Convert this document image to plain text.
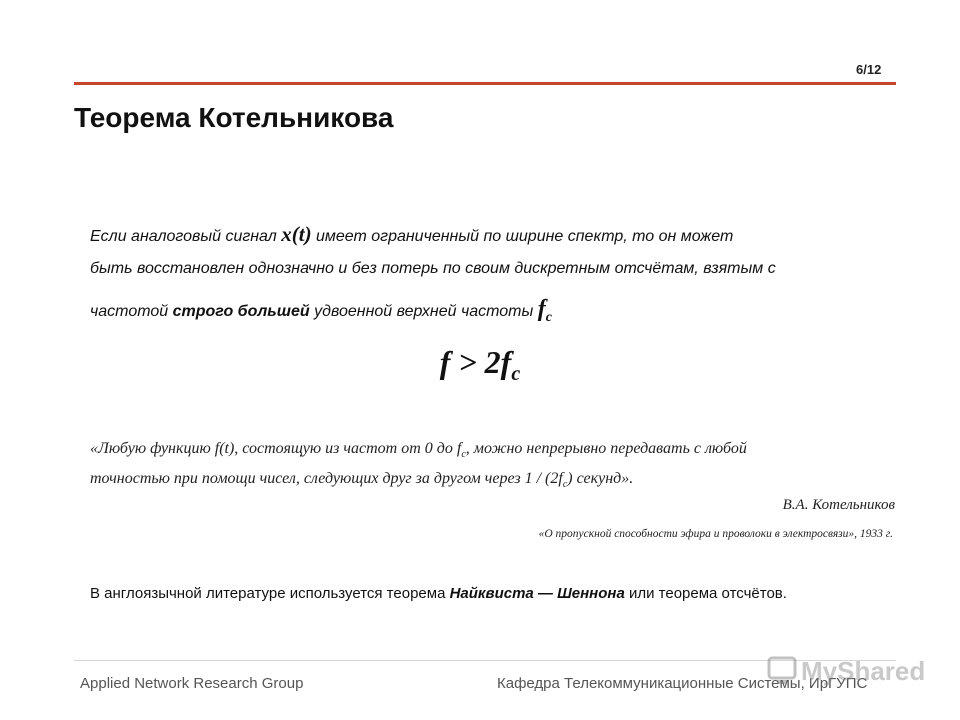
6/12
Теорема Котельникова
Если аналоговый сигнал x(t) имеет ограниченный по ширине спектр, то он может
быть восстановлен однозначно и без потерь по своим дискретным отсчётам, взятым с
частотой строго большей удвоенной верхней частоты fc
$f > 2f_c$
«Любую функцию f(t), состоящую из частот от 0 до $f_c$, можно непрерывно передавать с любой
точностью при помощи чисел, следующих друг за другом через $1 / (2f_c)$ секунд».
В.А. Котельников
«О пропускной способности эфира и проволоки в электросвязи», 1933 г.
В англоязычной литературе используется теорема Найквиста — Шеннона или теорема отсчётов.
Applied Network Research Group	Кафедра Телекоммуникационные Системы, ИрГУПС
MyShared
